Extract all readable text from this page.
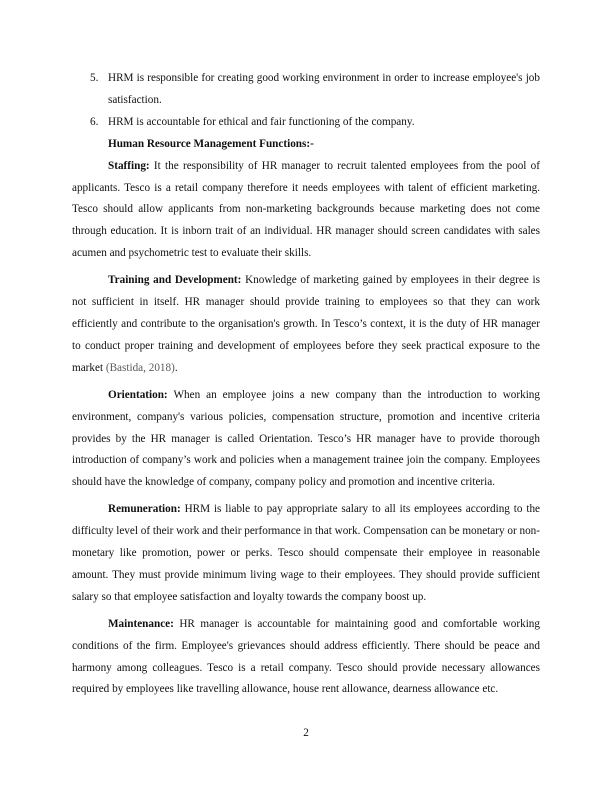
5. HRM is responsible for creating good working environment in order to increase employee's job satisfaction.
6. HRM is accountable for ethical and fair functioning of the company.
Human Resource Management Functions:-

Staffing: It the responsibility of HR manager to recruit talented employees from the pool of applicants. Tesco is a retail company therefore it needs employees with talent of efficient marketing. Tesco should allow applicants from non-marketing backgrounds because marketing does not come through education. It is inborn trait of an individual. HR manager should screen candidates with sales acumen and psychometric test to evaluate their skills.

Training and Development: Knowledge of marketing gained by employees in their degree is not sufficient in itself. HR manager should provide training to employees so that they can work efficiently and contribute to the organisation's growth. In Tesco’s context, it is the duty of HR manager to conduct proper training and development of employees before they seek practical exposure to the market (Bastida, 2018).

Orientation: When an employee joins a new company than the introduction to working environment, company's various policies, compensation structure, promotion and incentive criteria provides by the HR manager is called Orientation. Tesco’s HR manager have to provide thorough introduction of company’s work and policies when a management trainee join the company. Employees should have the knowledge of company, company policy and promotion and incentive criteria.

Remuneration: HRM is liable to pay appropriate salary to all its employees according to the difficulty level of their work and their performance in that work. Compensation can be monetary or non-monetary like promotion, power or perks. Tesco should compensate their employee in reasonable amount. They must provide minimum living wage to their employees. They should provide sufficient salary so that employee satisfaction and loyalty towards the company boost up.

Maintenance: HR manager is accountable for maintaining good and comfortable working conditions of the firm. Employee's grievances should address efficiently. There should be peace and harmony among colleagues. Tesco is a retail company. Tesco should provide necessary allowances required by employees like travelling allowance, house rent allowance, dearness allowance etc.

2
